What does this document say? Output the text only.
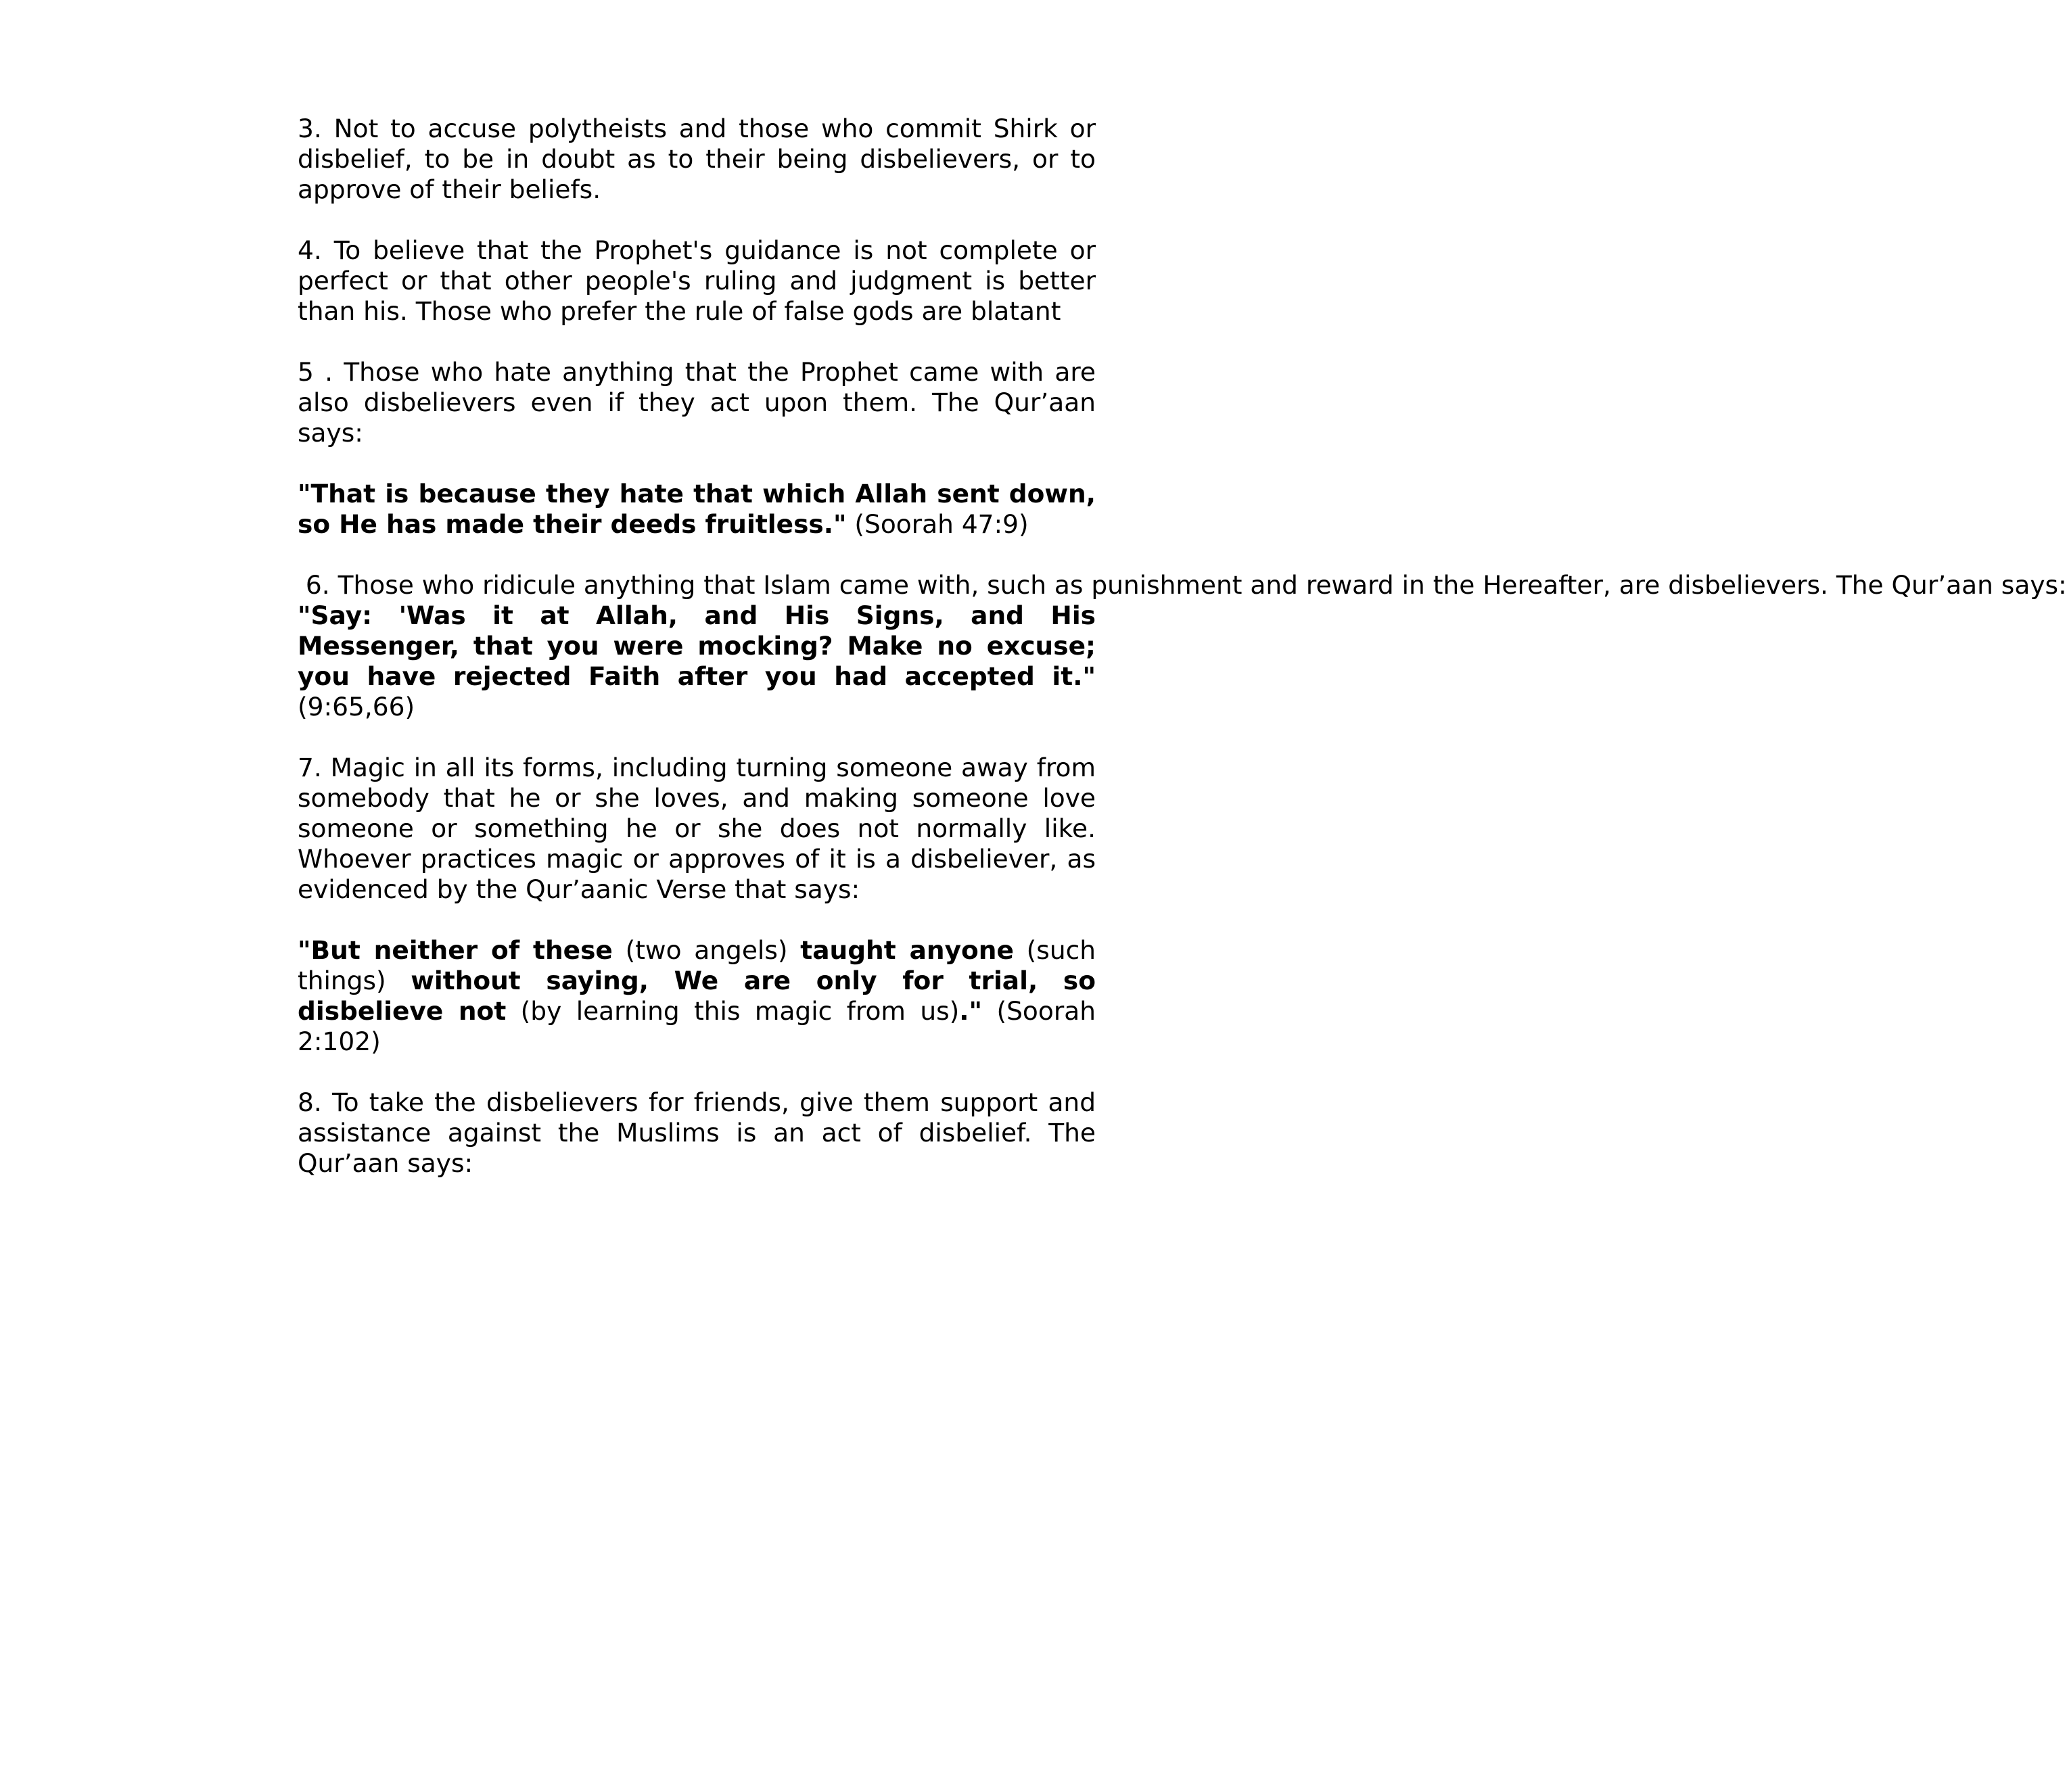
3. Not to accuse polytheists and those who commit Shirk or disbelief, to be in doubt as to their being disbelievers, or to approve of their beliefs.

4. To believe that the Prophet's guidance is not complete or perfect or that other people's ruling and judgment is better than his. Those who prefer the rule of false gods are blatant

5 . Those who hate anything that the Prophet came with are also disbelievers even if they act upon them. The Qur’aan says:

"That is because they hate that which Allah sent down, so He has made their deeds fruitless." (Soorah 47:9)

6. Those who ridicule anything that Islam came with, such as punishment and reward in the Hereafter, are disbelievers. The Qur’aan says:

"Say: 'Was it at Allah, and His Signs, and His Messenger, that you were mocking? Make no excuse; you have rejected Faith after you had accepted it." (9:65,66)

7. Magic in all its forms, including turning someone away from somebody that he or she loves, and making someone love someone or something he or she does not normally like. Whoever practices magic or approves of it is a disbeliever, as evidenced by the Qur’aanic Verse that says:

"But neither of these (two angels) taught anyone (such things) without saying, We are only for trial, so disbelieve not (by learning this magic from us)." (Soorah 2:102)

8. To take the disbelievers for friends, give them support and assistance against the Muslims is an act of disbelief. The Qur’aan says:
